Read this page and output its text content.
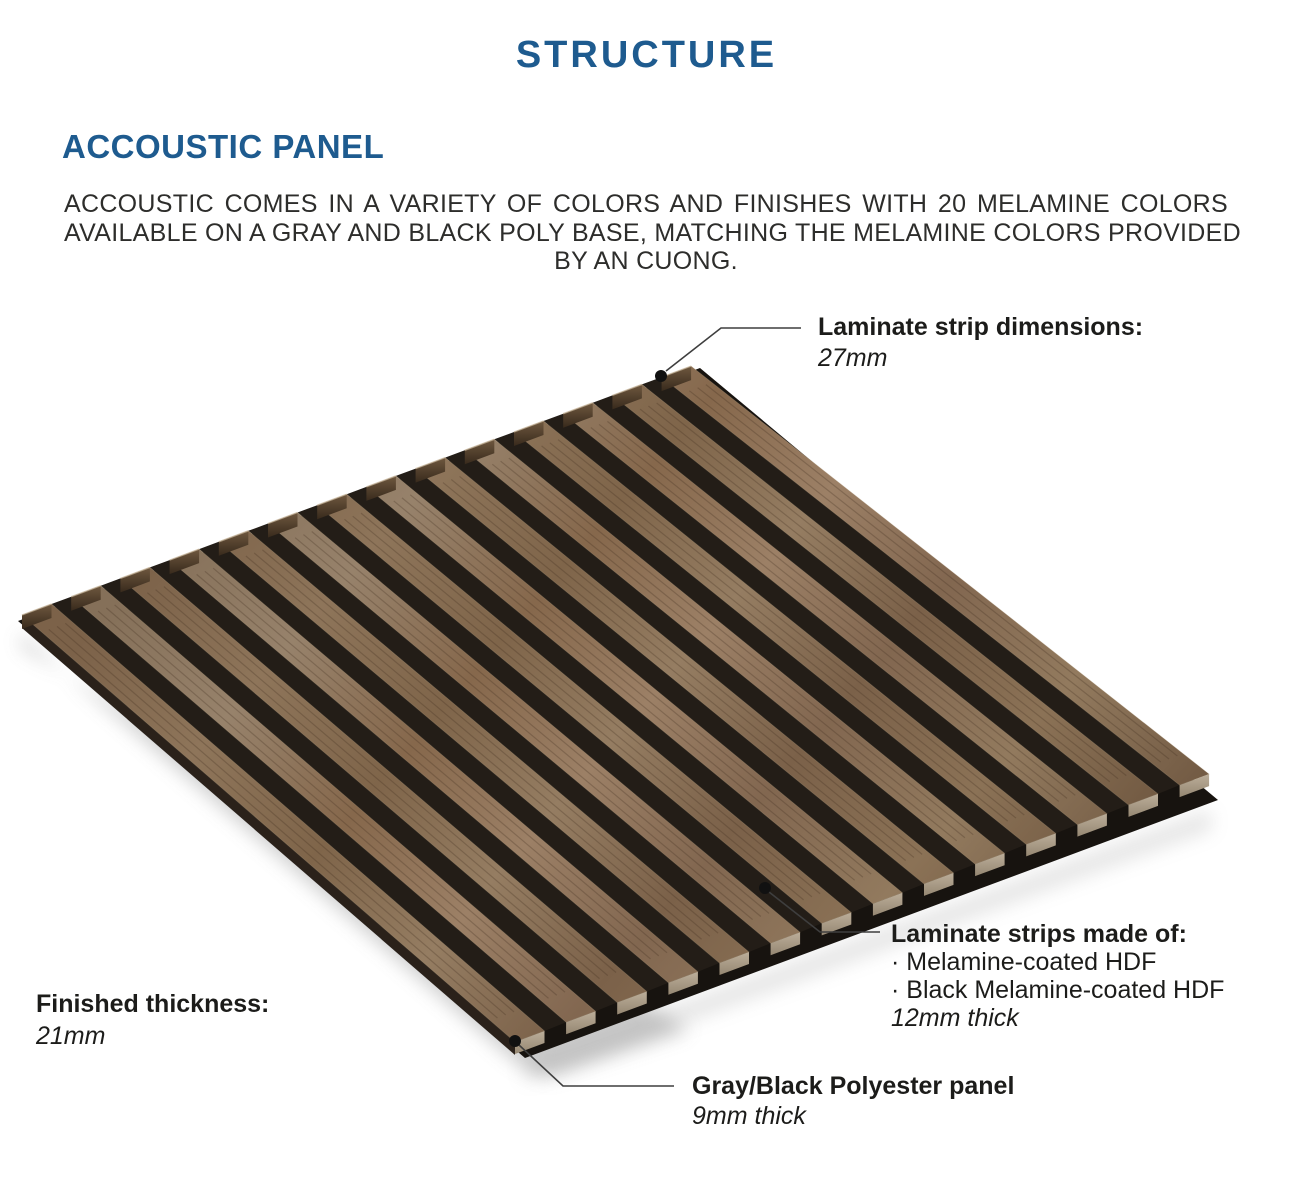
STRUCTURE
ACCOUSTIC PANEL
ACCOUSTIC COMES IN A VARIETY OF COLORS AND FINISHES WITH 20 MELAMINE COLORS
AVAILABLE ON A GRAY AND BLACK POLY BASE, MATCHING THE MELAMINE COLORS PROVIDED
BY AN CUONG.
Laminate strip dimensions:
27mm
Laminate strips made of:
· Melamine-coated HDF
· Black Melamine-coated HDF
12mm thick
Finished thickness:
21mm
Gray/Black Polyester panel
9mm thick
